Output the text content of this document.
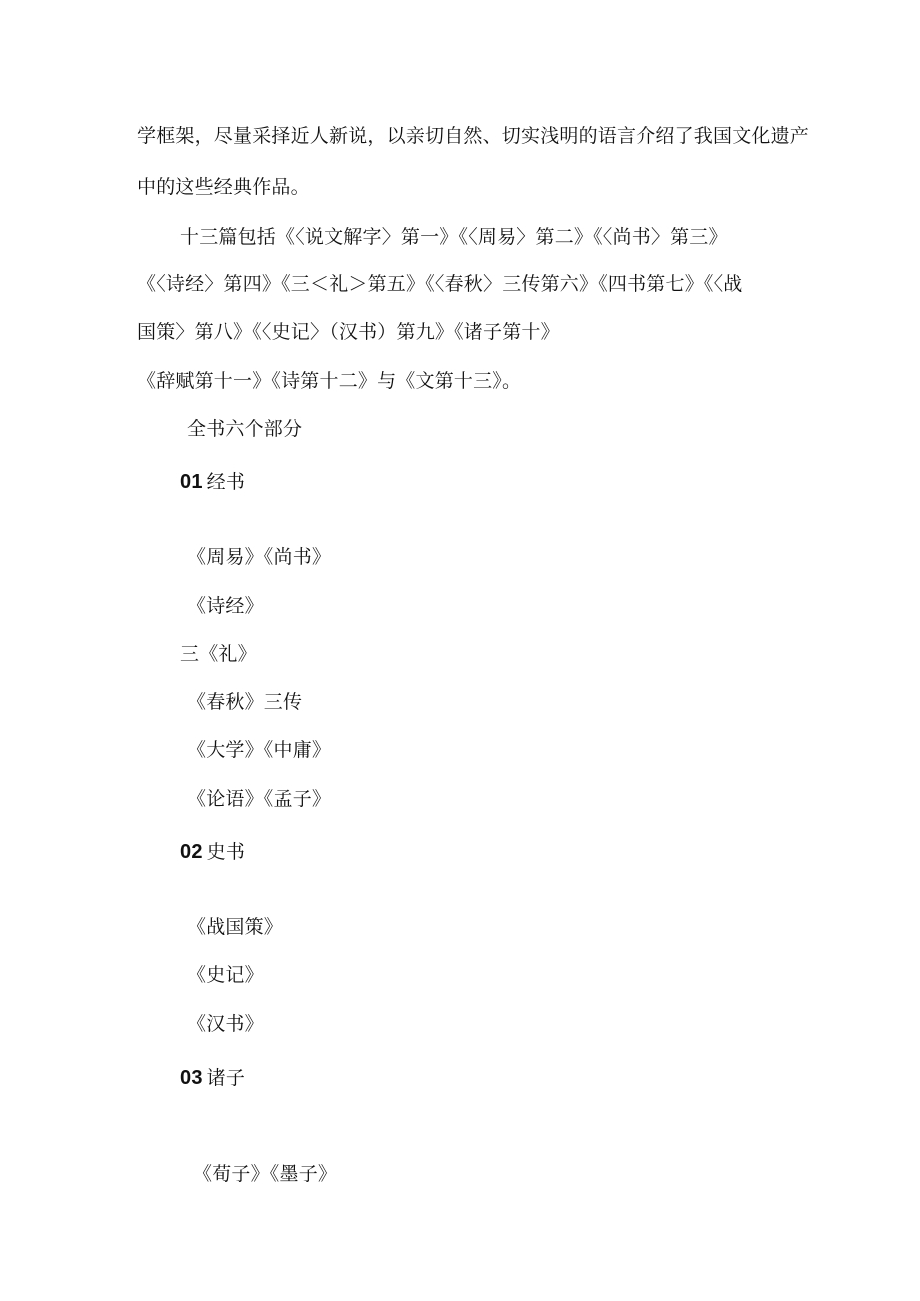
学框架，尽量采择近人新说，以亲切自然、切实浅明的语言介绍了我国文化遗产
中的这些经典作品。
十三篇包括《〈说文解字〉第一》《〈周易〉第二》《〈尚书〉第三》
《〈诗经〉第四》《三＜礼＞第五》《〈春秋〉三传第六》《四书第七》《〈战
国策〉第八》《〈史记〉（汉书）第九》《诸子第十》
《辞赋第十一》《诗第十二》与《文第十三》。
全书六个部分
01 经书
《周易》《尚书》
《诗经》
三《礼》
《春秋》三传
《大学》《中庸》
《论语》《孟子》
02 史书
《战国策》
《史记》
《汉书》
03 诸子
《荀子》《墨子》
